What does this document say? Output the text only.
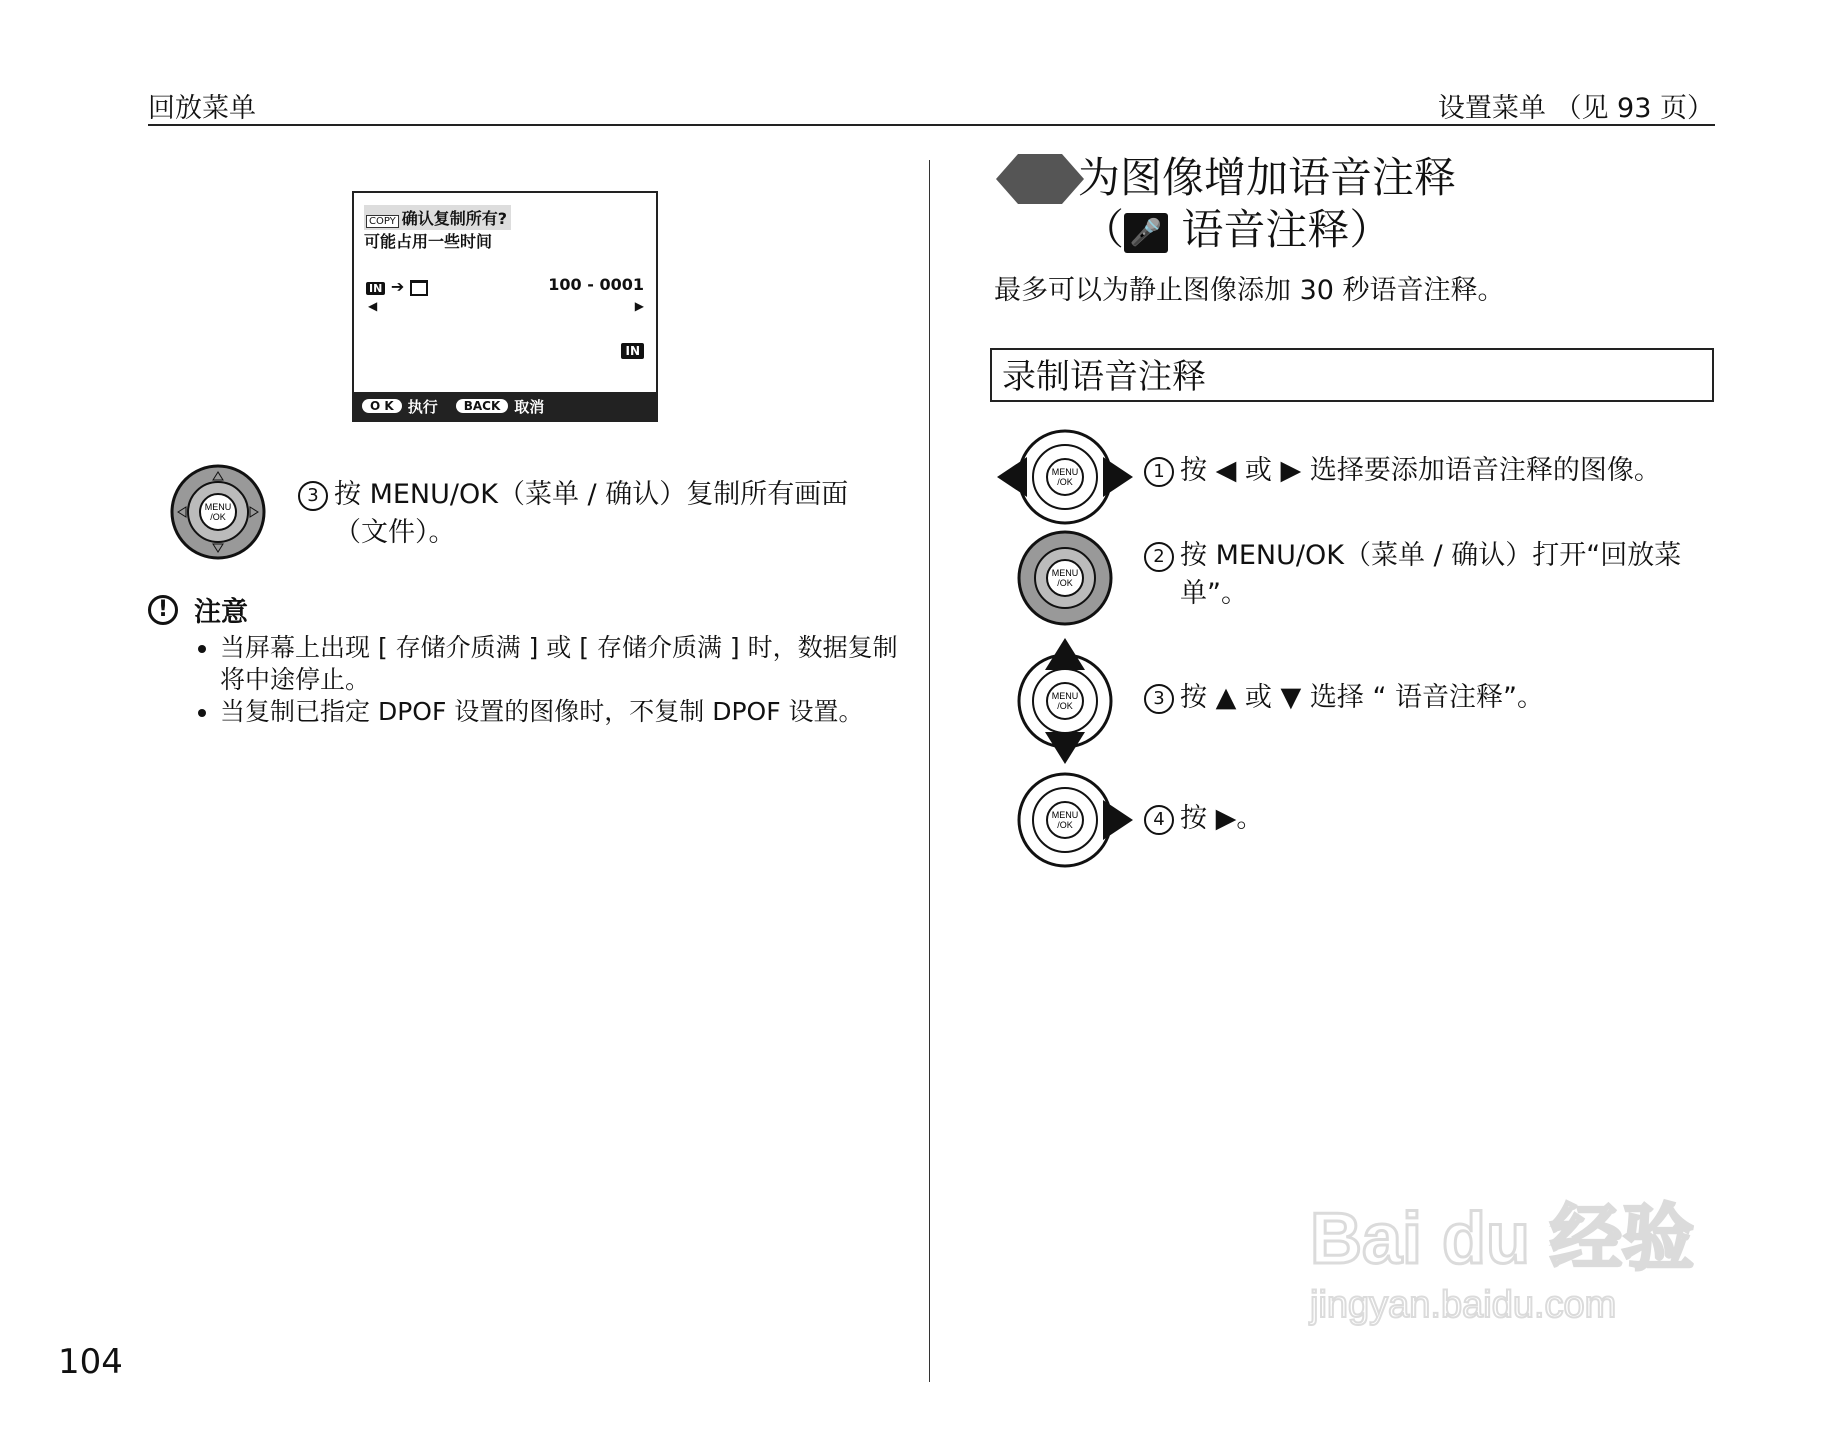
回放菜单	设置菜单 （见 93 页）
COPY 确认复制所有?
可能占用一些时间
IN ➔	100 - 0001
◀	▶
IN
O K 执行	BACK 取消
MENU
/OK
3 按 MENU/OK（菜单 / 确认）复制所有画面（文件）。
! 注意
• 当屏幕上出现 [ 存储介质满 ] 或 [ 存储介质满 ] 时，数据复制将中途停止。
• 当复制已指定 DPOF 设置的图像时，不复制 DPOF 设置。
为图像增加语音注释
（ 🎤 语音注释）
最多可以为静止图像添加 30 秒语音注释。
录制语音注释
MENU
/OK
MENU
/OK
MENU
/OK
MENU
/OK
1 按 ◀ 或 ▶ 选择要添加语音注释的图像。
2 按 MENU/OK（菜单 / 确认）打开“回放菜单”。
3 按 ▲ 或 ▼ 选择 “ 语音注释”。
4 按 ▶。
104
Bai du 经验
jingyan.baidu.com
